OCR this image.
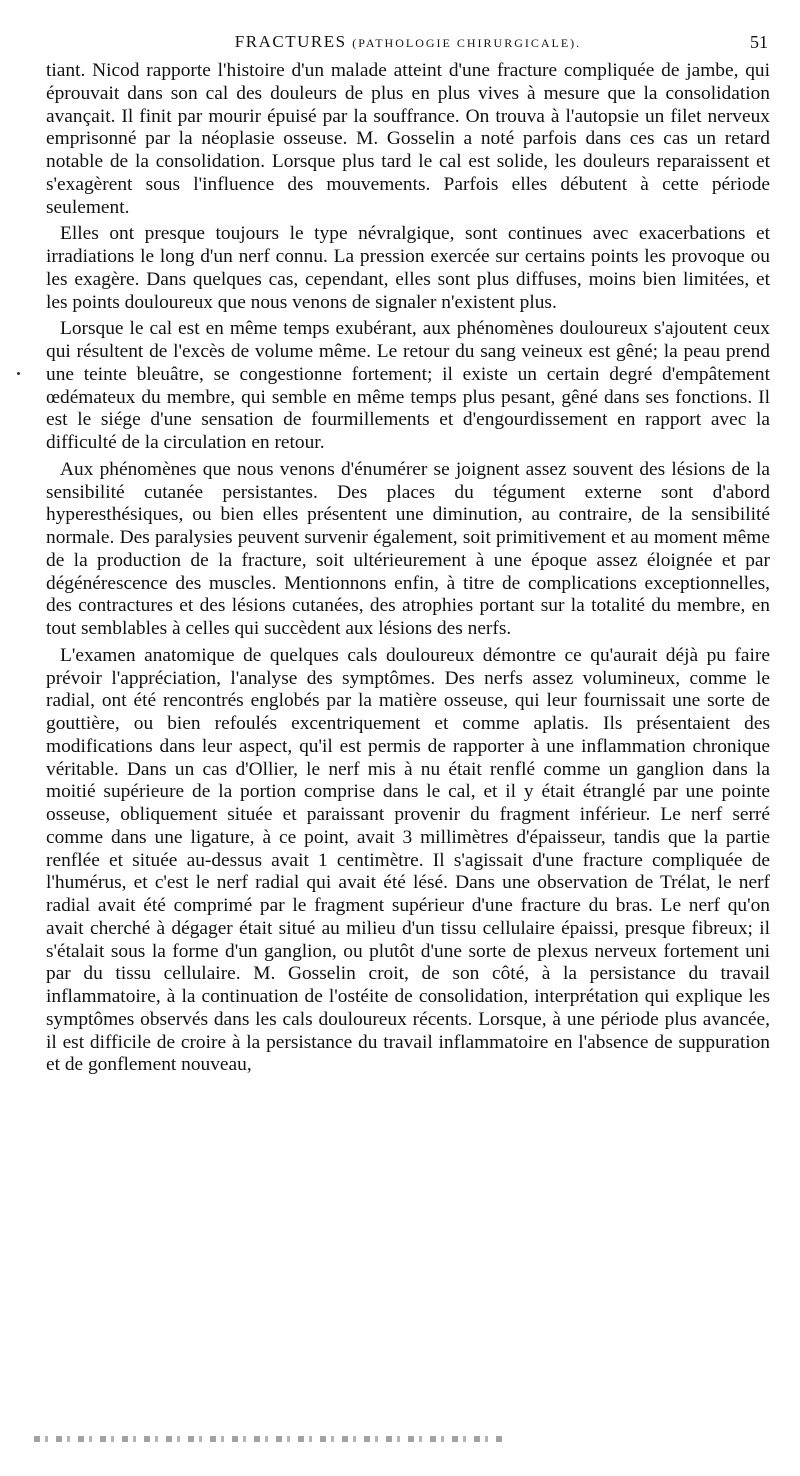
FRACTURES (PATHOLOGIE CHIRURGICALE).	51

tiant. Nicod rapporte l'histoire d'un malade atteint d'une fracture compliquée de jambe, qui éprouvait dans son cal des douleurs de plus en plus vives à mesure que la consolidation avançait. Il finit par mourir épuisé par la souffrance. On trouva à l'autopsie un filet nerveux emprisonné par la néoplasie osseuse. M. Gosselin a noté parfois dans ces cas un retard notable de la consolidation. Lorsque plus tard le cal est solide, les douleurs reparaissent et s'exagèrent sous l'influence des mouvements. Parfois elles débutent à cette période seulement.

Elles ont presque toujours le type névralgique, sont continues avec exacerbations et irradiations le long d'un nerf connu. La pression exercée sur certains points les provoque ou les exagère. Dans quelques cas, cependant, elles sont plus diffuses, moins bien limitées, et les points douloureux que nous venons de signaler n'existent plus.

Lorsque le cal est en même temps exubérant, aux phénomènes douloureux s'ajoutent ceux qui résultent de l'excès de volume même. Le retour du sang veineux est gêné; la peau prend une teinte bleuâtre, se congestionne fortement; il existe un certain degré d'empâtement œdémateux du membre, qui semble en même temps plus pesant, gêné dans ses fonctions. Il est le siége d'une sensation de fourmillements et d'engourdissement en rapport avec la difficulté de la circulation en retour.

Aux phénomènes que nous venons d'énumérer se joignent assez souvent des lésions de la sensibilité cutanée persistantes. Des places du tégument externe sont d'abord hyperesthésiques, ou bien elles présentent une diminution, au contraire, de la sensibilité normale. Des paralysies peuvent survenir également, soit primitivement et au moment même de la production de la fracture, soit ultérieurement à une époque assez éloignée et par dégénérescence des muscles. Mentionnons enfin, à titre de complications exceptionnelles, des contractures et des lésions cutanées, des atrophies portant sur la totalité du membre, en tout semblables à celles qui succèdent aux lésions des nerfs.

L'examen anatomique de quelques cals douloureux démontre ce qu'aurait déjà pu faire prévoir l'appréciation, l'analyse des symptômes. Des nerfs assez volumineux, comme le radial, ont été rencontrés englobés par la matière osseuse, qui leur fournissait une sorte de gouttière, ou bien refoulés excentriquement et comme aplatis. Ils présentaient des modifications dans leur aspect, qu'il est permis de rapporter à une inflammation chronique véritable. Dans un cas d'Ollier, le nerf mis à nu était renflé comme un ganglion dans la moitié supérieure de la portion comprise dans le cal, et il y était étranglé par une pointe osseuse, obliquement située et paraissant provenir du fragment inférieur. Le nerf serré comme dans une ligature, à ce point, avait 3 millimètres d'épaisseur, tandis que la partie renflée et située au-dessus avait 1 centimètre. Il s'agissait d'une fracture compliquée de l'humérus, et c'est le nerf radial qui avait été lésé. Dans une observation de Trélat, le nerf radial avait été comprimé par le fragment supérieur d'une fracture du bras. Le nerf qu'on avait cherché à dégager était situé au milieu d'un tissu cellulaire épaissi, presque fibreux; il s'étalait sous la forme d'un ganglion, ou plutôt d'une sorte de plexus nerveux fortement uni par du tissu cellulaire. M. Gosselin croit, de son côté, à la persistance du travail inflammatoire, à la continuation de l'ostéite de consolidation, interprétation qui explique les symptômes observés dans les cals douloureux récents. Lorsque, à une période plus avancée, il est difficile de croire à la persistance du travail inflammatoire en l'absence de suppuration et de gonflement nouveau,
